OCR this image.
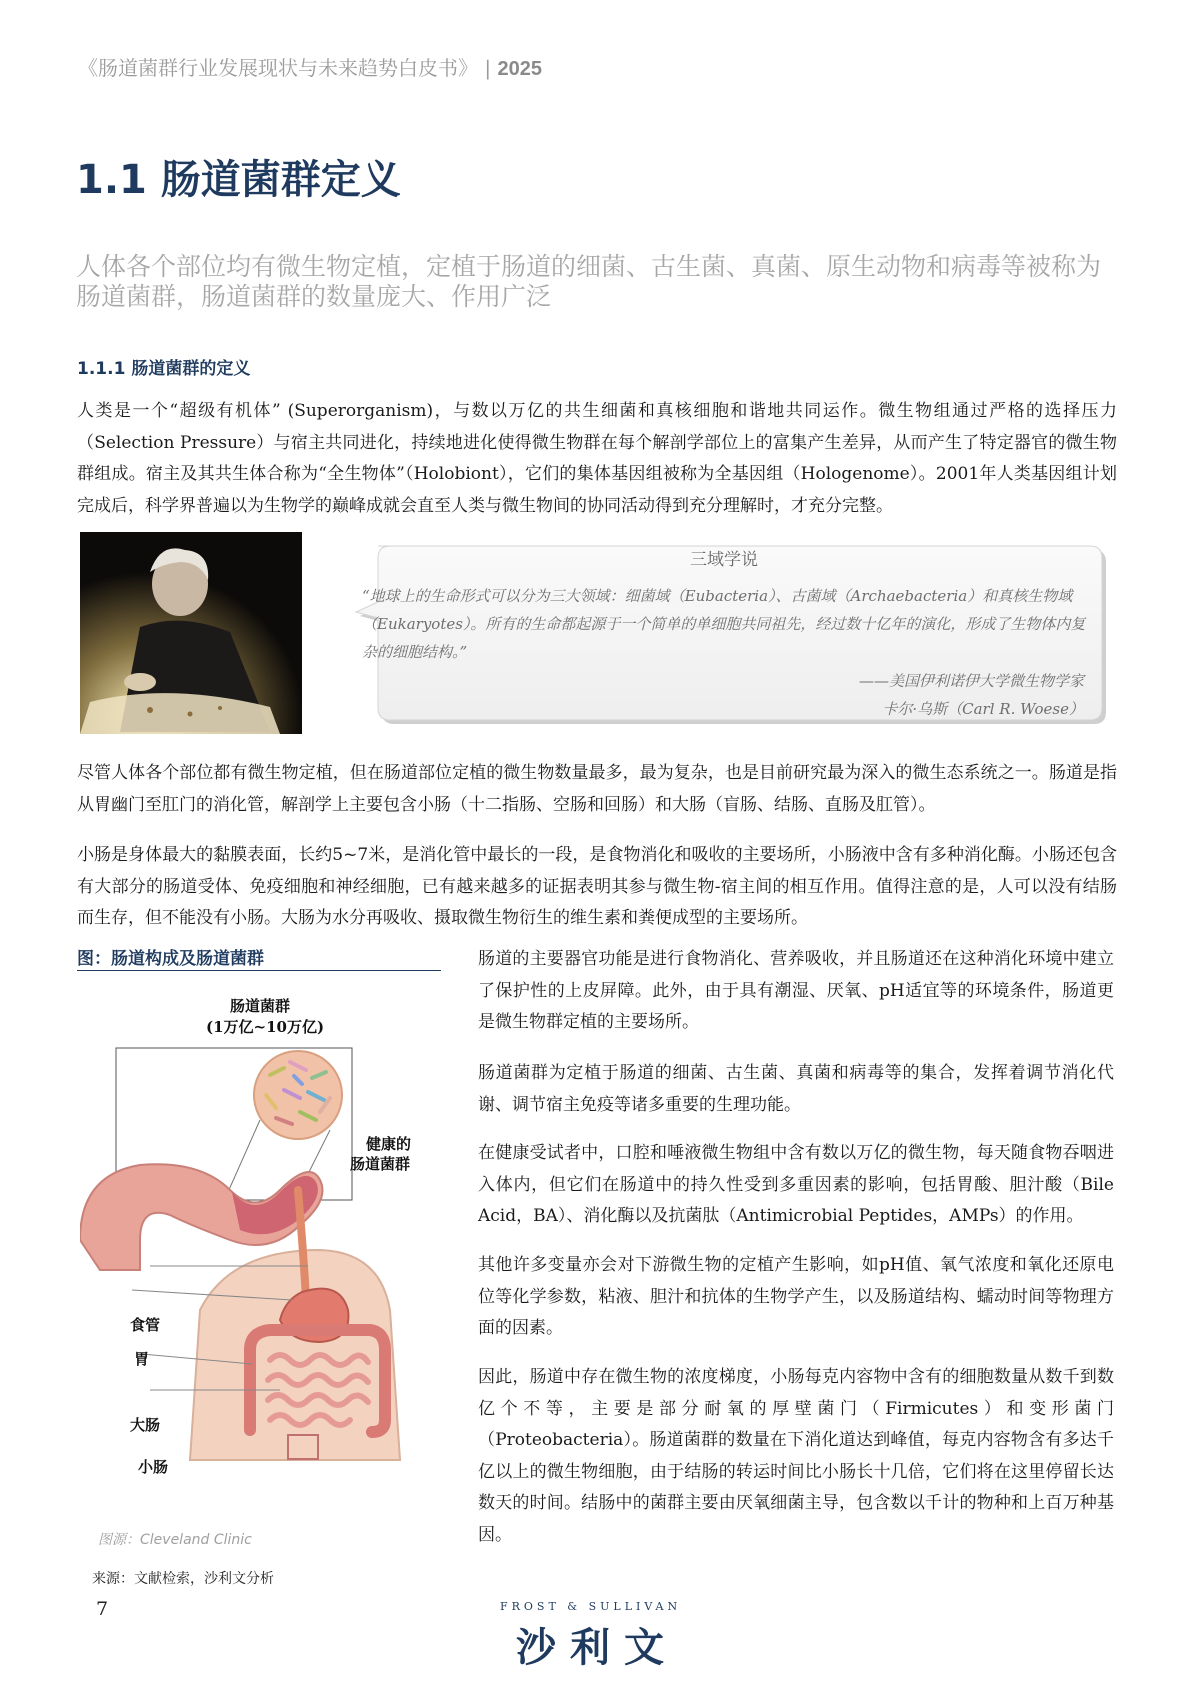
《肠道菌群行业发展现状与未来趋势白皮书》 | 2025
1.1 肠道菌群定义
人体各个部位均有微生物定植，定植于肠道的细菌、古生菌、真菌、原生动物和病毒等被称为肠道菌群，肠道菌群的数量庞大、作用广泛
1.1.1 肠道菌群的定义
人类是一个“超级有机体” (Superorganism)，与数以万亿的共生细菌和真核细胞和谐地共同运作。微生物组通过严格的选择压力（Selection Pressure）与宿主共同进化，持续地进化使得微生物群在每个解剖学部位上的富集产生差异，从而产生了特定器官的微生物群组成。宿主及其共生体合称为“全生物体”（Holobiont），它们的集体基因组被称为全基因组（Hologenome）。2001年人类基因组计划完成后，科学界普遍以为生物学的巅峰成就会直至人类与微生物间的协同活动得到充分理解时，才充分完整。
三域学说
“地球上的生命形式可以分为三大领域：细菌域（Eubacteria）、古菌域（Archaebacteria）和真核生物域（Eukaryotes）。所有的生命都起源于一个简单的单细胞共同祖先，经过数十亿年的演化，形成了生物体内复杂的细胞结构。”
——美国伊利诺伊大学微生物学家
卡尔·乌斯（Carl R. Woese）
尽管人体各个部位都有微生物定植，但在肠道部位定植的微生物数量最多，最为复杂，也是目前研究最为深入的微生态系统之一。肠道是指从胃幽门至肛门的消化管，解剖学上主要包含小肠（十二指肠、空肠和回肠）和大肠（盲肠、结肠、直肠及肛管）。
小肠是身体最大的黏膜表面，长约5~7米，是消化管中最长的一段，是食物消化和吸收的主要场所，小肠液中含有多种消化酶。小肠还包含有大部分的肠道受体、免疫细胞和神经细胞，已有越来越多的证据表明其参与微生物-宿主间的相互作用。值得注意的是，人可以没有结肠而生存，但不能没有小肠。大肠为水分再吸收、摄取微生物衍生的维生素和粪便成型的主要场所。
图：肠道构成及肠道菌群
肠道菌群
(1万亿~10万亿)
健康的
肠道菌群
食管
胃
大肠
小肠
图源：Cleveland Clinic
来源：文献检索，沙利文分析
肠道的主要器官功能是进行食物消化、营养吸收，并且肠道还在这种消化环境中建立了保护性的上皮屏障。此外，由于具有潮湿、厌氧、pH适宜等的环境条件，肠道更是微生物群定植的主要场所。
肠道菌群为定植于肠道的细菌、古生菌、真菌和病毒等的集合，发挥着调节消化代谢、调节宿主免疫等诸多重要的生理功能。
在健康受试者中，口腔和唾液微生物组中含有数以万亿的微生物，每天随食物吞咽进入体内，但它们在肠道中的持久性受到多重因素的影响，包括胃酸、胆汁酸（Bile Acid，BA）、消化酶以及抗菌肽（Antimicrobial Peptides，AMPs）的作用。
其他许多变量亦会对下游微生物的定植产生影响，如pH值、氧气浓度和氧化还原电位等化学参数，粘液、胆汁和抗体的生物学产生，以及肠道结构、蠕动时间等物理方面的因素。
因此，肠道中存在微生物的浓度梯度，小肠每克内容物中含有的细胞数量从数千到数亿个不等，主要是部分耐氧的厚壁菌门（Firmicutes）和变形菌门（Proteobacteria）。肠道菌群的数量在下消化道达到峰值，每克内容物含有多达千亿以上的微生物细胞，由于结肠的转运时间比小肠长十几倍，它们将在这里停留长达数天的时间。结肠中的菌群主要由厌氧细菌主导，包含数以千计的物种和上百万种基因。
7	FROST & SULLIVAN
沙利文
